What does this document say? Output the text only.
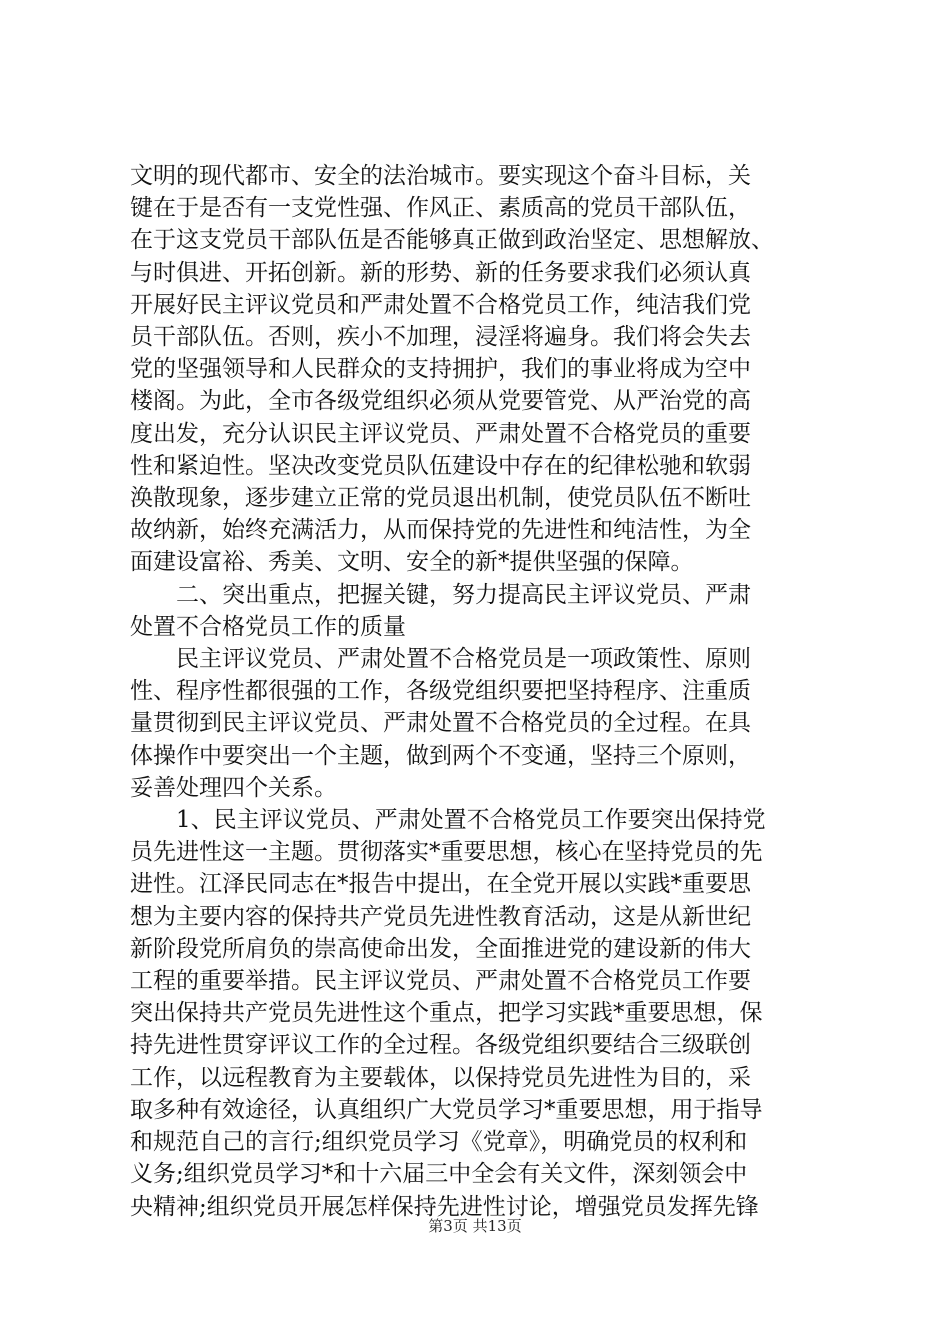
文明的现代都市、安全的法治城市。要实现这个奋斗目标，关

键在于是否有一支党性强、作风正、素质高的党员干部队伍，

在于这支党员干部队伍是否能够真正做到政治坚定、思想解放、

与时俱进、开拓创新。新的形势、新的任务要求我们必须认真

开展好民主评议党员和严肃处置不合格党员工作，纯洁我们党

员干部队伍。否则，疾小不加理，浸淫将遍身。我们将会失去

党的坚强领导和人民群众的支持拥护，我们的事业将成为空中

楼阁。为此，全市各级党组织必须从党要管党、从严治党的高

度出发，充分认识民主评议党员、严肃处置不合格党员的重要

性和紧迫性。坚决改变党员队伍建设中存在的纪律松驰和软弱

涣散现象，逐步建立正常的党员退出机制，使党员队伍不断吐

故纳新，始终充满活力，从而保持党的先进性和纯洁性，为全

面建设富裕、秀美、文明、安全的新*提供坚强的保障。

　　二、突出重点，把握关键，努力提高民主评议党员、严肃

处置不合格党员工作的质量

　　民主评议党员、严肃处置不合格党员是一项政策性、原则

性、程序性都很强的工作，各级党组织要把坚持程序、注重质

量贯彻到民主评议党员、严肃处置不合格党员的全过程。在具

体操作中要突出一个主题，做到两个不变通，坚持三个原则，

妥善处理四个关系。

　　1、民主评议党员、严肃处置不合格党员工作要突出保持党

员先进性这一主题。贯彻落实*重要思想，核心在坚持党员的先

进性。江泽民同志在*报告中提出，在全党开展以实践*重要思

想为主要内容的保持共产党员先进性教育活动，这是从新世纪

新阶段党所肩负的崇高使命出发，全面推进党的建设新的伟大

工程的重要举措。民主评议党员、严肃处置不合格党员工作要

突出保持共产党员先进性这个重点，把学习实践*重要思想，保

持先进性贯穿评议工作的全过程。各级党组织要结合三级联创

工作，以远程教育为主要载体，以保持党员先进性为目的，采

取多种有效途径，认真组织广大党员学习*重要思想，用于指导

和规范自己的言行;组织党员学习《党章》，明确党员的权利和

义务;组织党员学习*和十六届三中全会有关文件，深刻领会中

央精神;组织党员开展怎样保持先进性讨论，增强党员发挥先锋

第3页 共13页
